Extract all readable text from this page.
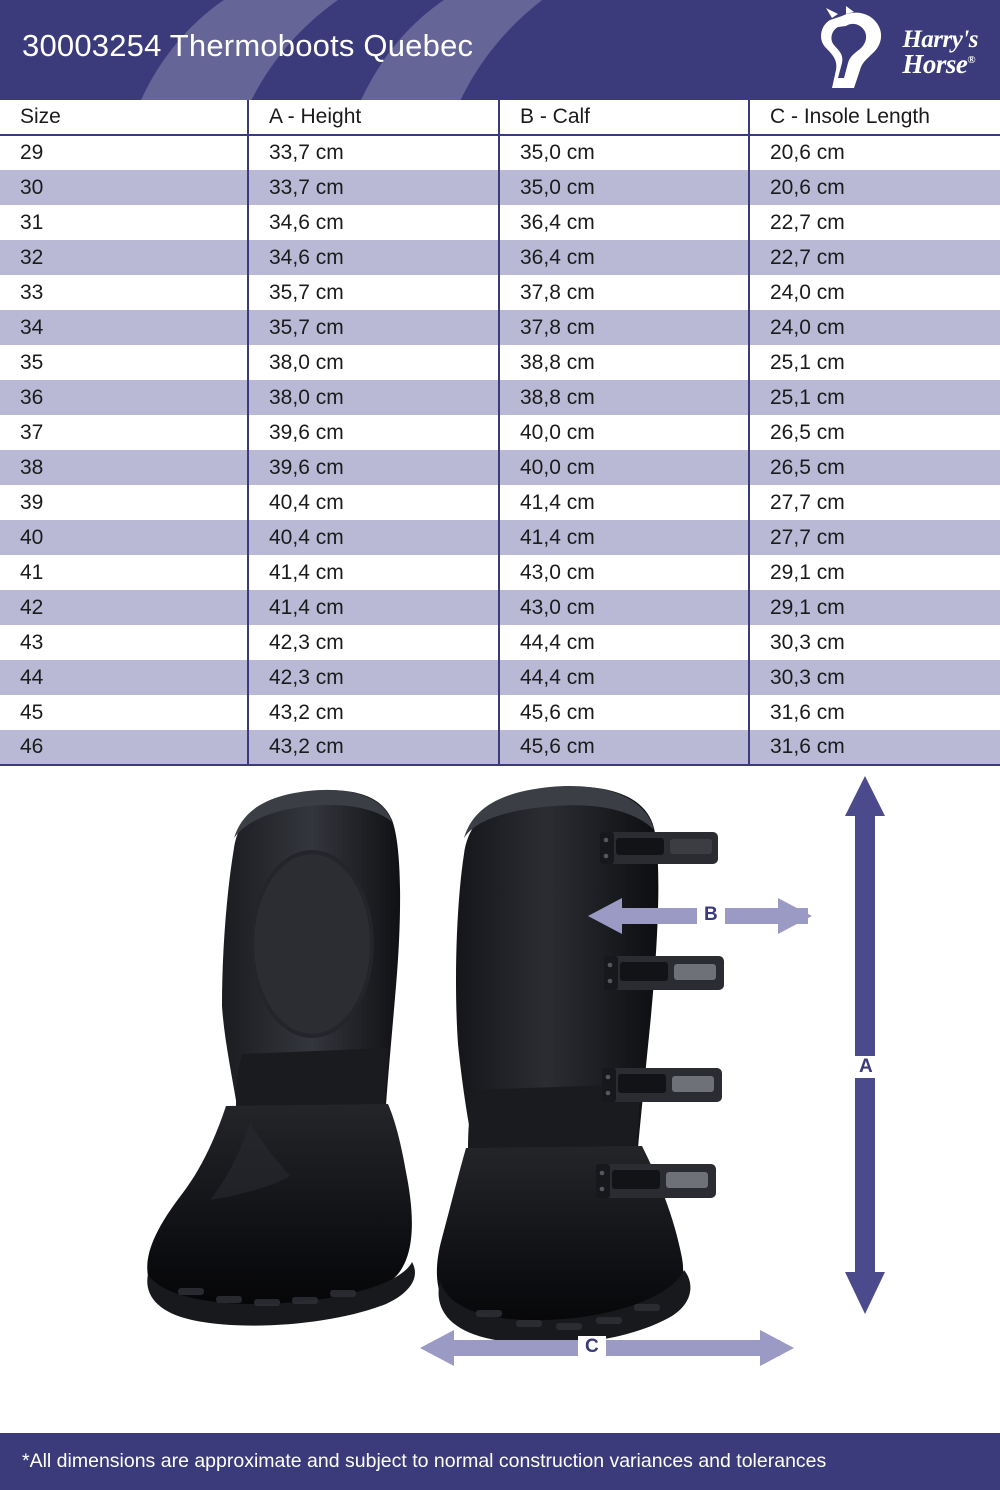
30003254 Thermoboots Quebec	Harry's
Horse®
Size	A - Height	B - Calf	C - Insole Length
29	33,7 cm	35,0 cm	20,6 cm
30	33,7 cm	35,0 cm	20,6 cm
31	34,6 cm	36,4 cm	22,7 cm
32	34,6 cm	36,4 cm	22,7 cm
33	35,7 cm	37,8 cm	24,0 cm
34	35,7 cm	37,8 cm	24,0 cm
35	38,0 cm	38,8 cm	25,1 cm
36	38,0 cm	38,8 cm	25,1 cm
37	39,6 cm	40,0 cm	26,5 cm
38	39,6 cm	40,0 cm	26,5 cm
39	40,4 cm	41,4 cm	27,7 cm
40	40,4 cm	41,4 cm	27,7 cm
41	41,4 cm	43,0 cm	29,1 cm
42	41,4 cm	43,0 cm	29,1 cm
43	42,3 cm	44,4 cm	30,3 cm
44	42,3 cm	44,4 cm	30,3 cm
45	43,2 cm	45,6 cm	31,6 cm
46	43,2 cm	45,6 cm	31,6 cm
A
B
C
*All dimensions are approximate and subject to normal construction variances and tolerances
